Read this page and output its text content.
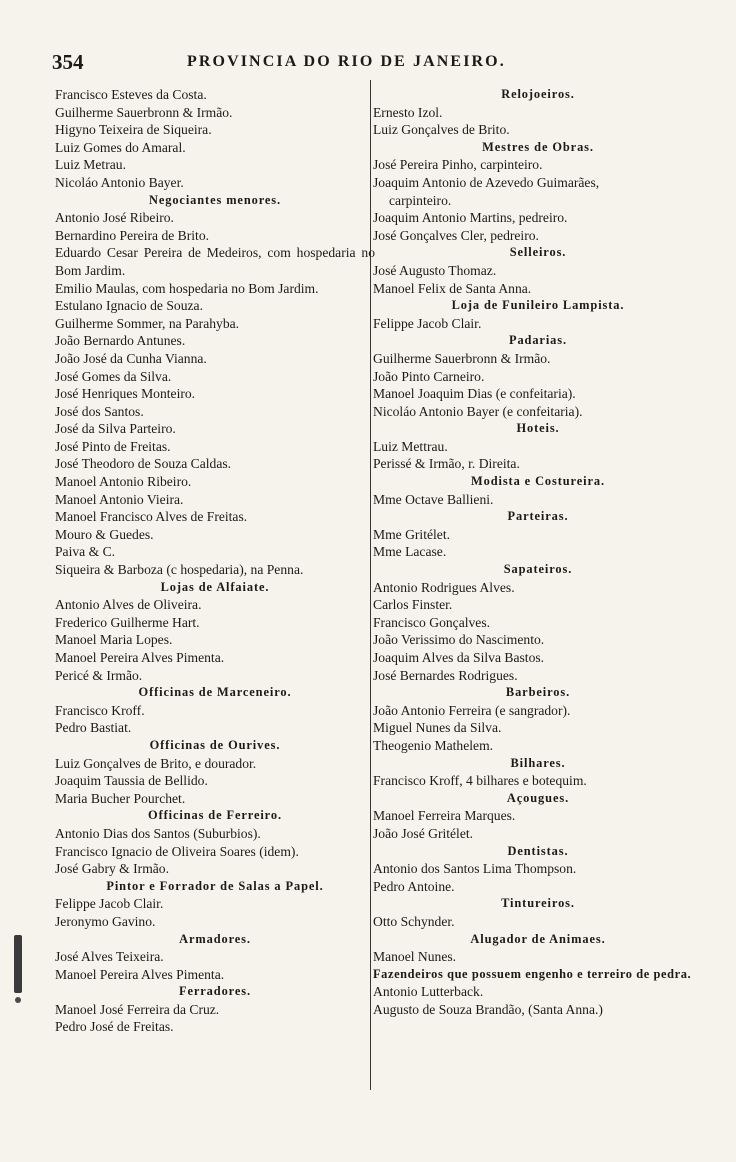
354	PROVINCIA DO RIO DE JANEIRO.
Francisco Esteves da Costa.
Guilherme Sauerbronn & Irmão.
Higyno Teixeira de Siqueira.
Luiz Gomes do Amaral.
Luiz Metrau.
Nicoláo Antonio Bayer.
Negociantes menores.
Antonio José Ribeiro.
Bernardino Pereira de Brito.
Eduardo Cesar Pereira de Medeiros, com hospedaria no Bom Jardim.
Emilio Maulas, com hospedaria no Bom Jardim.
Estulano Ignacio de Souza.
Guilherme Sommer, na Parahyba.
João Bernardo Antunes.
João José da Cunha Vianna.
José Gomes da Silva.
José Henriques Monteiro.
José dos Santos.
José da Silva Parteiro.
José Pinto de Freitas.
José Theodoro de Souza Caldas.
Manoel Antonio Ribeiro.
Manoel Antonio Vieira.
Manoel Francisco Alves de Freitas.
Mouro & Guedes.
Paiva & C.
Siqueira & Barboza (c hospedaria), na Penna.
Lojas de Alfaiate.
Antonio Alves de Oliveira.
Frederico Guilherme Hart.
Manoel Maria Lopes.
Manoel Pereira Alves Pimenta.
Pericé & Irmão.
Officinas de Marceneiro.
Francisco Kroff.
Pedro Bastiat.
Officinas de Ourives.
Luiz Gonçalves de Brito, e dourador.
Joaquim Taussia de Bellido.
Maria Bucher Pourchet.
Officinas de Ferreiro.
Antonio Dias dos Santos (Suburbios).
Francisco Ignacio de Oliveira Soares (idem).
José Gabry & Irmão.
Pintor e Forrador de Salas a Papel.
Felippe Jacob Clair.
Jeronymo Gavino.
Armadores.
José Alves Teixeira.
Manoel Pereira Alves Pimenta.
Ferradores.
Manoel José Ferreira da Cruz.
Pedro José de Freitas.
Relojoeiros.
Ernesto Izol.
Luiz Gonçalves de Brito.
Mestres de Obras.
José Pereira Pinho, carpinteiro.
Joaquim Antonio de Azevedo Guimarães,
carpinteiro.
Joaquim Antonio Martins, pedreiro.
José Gonçalves Cler, pedreiro.
Selleiros.
José Augusto Thomaz.
Manoel Felix de Santa Anna.
Loja de Funileiro Lampista.
Felippe Jacob Clair.
Padarias.
Guilherme Sauerbronn & Irmão.
João Pinto Carneiro.
Manoel Joaquim Dias (e confeitaria).
Nicoláo Antonio Bayer (e confeitaria).
Hoteis.
Luiz Mettrau.
Perissé & Irmão, r. Direita.
Modista e Costureira.
Mme Octave Ballieni.
Parteiras.
Mme Gritélet.
Mme Lacase.
Sapateiros.
Antonio Rodrigues Alves.
Carlos Finster.
Francisco Gonçalves.
João Verissimo do Nascimento.
Joaquim Alves da Silva Bastos.
José Bernardes Rodrigues.
Barbeiros.
João Antonio Ferreira (e sangrador).
Miguel Nunes da Silva.
Theogenio Mathelem.
Bilhares.
Francisco Kroff, 4 bilhares e botequim.
Açougues.
Manoel Ferreira Marques.
João José Gritélet.
Dentistas.
Antonio dos Santos Lima Thompson.
Pedro Antoine.
Tintureiros.
Otto Schynder.
Alugador de Animaes.
Manoel Nunes.
Fazendeiros que possuem engenho e terreiro de pedra.
Antonio Lutterback.
Augusto de Souza Brandão, (Santa Anna.)
